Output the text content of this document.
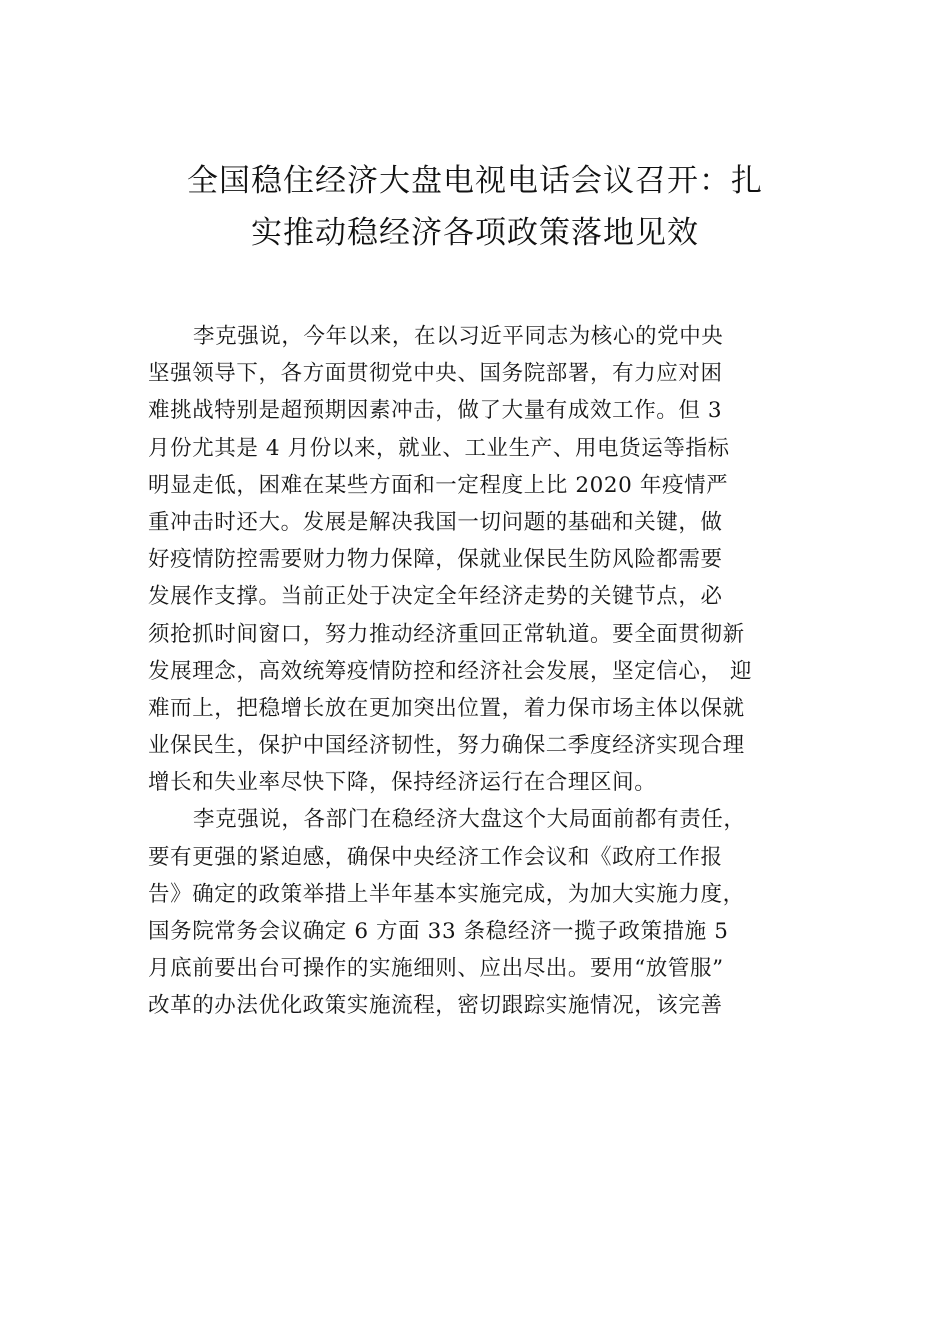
全国稳住经济大盘电视电话会议召开：扎
实推动稳经济各项政策落地见效
李克强说，今年以来，在以习近平同志为核心的党中央
坚强领导下，各方面贯彻党中央、国务院部署，有力应对困
难挑战特别是超预期因素冲击，做了大量有成效工作。但 3
月份尤其是 4 月份以来，就业、工业生产、用电货运等指标
明显走低，困难在某些方面和一定程度上比 2020 年疫情严
重冲击时还大。发展是解决我国一切问题的基础和关键，做
好疫情防控需要财力物力保障，保就业保民生防风险都需要
发展作支撑。当前正处于决定全年经济走势的关键节点，必
须抢抓时间窗口，努力推动经济重回正常轨道。要全面贯彻新
发展理念，高效统筹疫情防控和经济社会发展，坚定信心， 迎
难而上，把稳增长放在更加突出位置，着力保市场主体以保就
业保民生，保护中国经济韧性，努力确保二季度经济实现合理
增长和失业率尽快下降，保持经济运行在合理区间。
李克强说，各部门在稳经济大盘这个大局面前都有责任，
要有更强的紧迫感，确保中央经济工作会议和《政府工作报
告》确定的政策举措上半年基本实施完成，为加大实施力度，
国务院常务会议确定 6 方面 33 条稳经济一揽子政策措施 5
月底前要出台可操作的实施细则、应出尽出。要用“放管服”
改革的办法优化政策实施流程，密切跟踪实施情况，该完善
